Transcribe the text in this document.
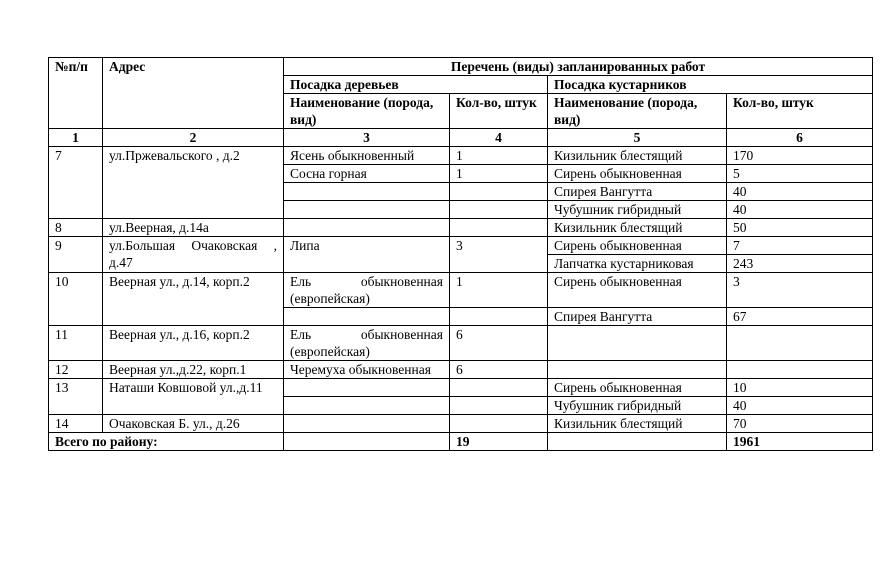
№п/п	Адрес	Перечень (виды) запланированных работ			
		Посадка деревьев		Посадка кустарников	
		Наименование (порода, вид)	Кол-во, штук	Наименование (порода, вид)	Кол-во, штук
1	2	3	4	5	6
7	ул.Пржевальского , д.2	Ясень обыкновенный	1	Кизильник блестящий	170
		Сосна горная	1	Сирень обыкновенная	5
				Спирея Вангутта	40
				Чубушник гибридный	40
8	ул.Веерная, д.14а			Кизильник блестящий	50
9	ул.Большая Очаковская , д.47	Липа	3	Сирень обыкновенная	7
				Лапчатка кустарниковая	243
10	Веерная ул., д.14, корп.2	Ель обыкновенная (европейская)	1	Сирень обыкновенная	3
				Спирея Вангутта	67
11	Веерная ул., д.16, корп.2	Ель обыкновенная (европейская)	6		
12	Веерная ул.,д.22, корп.1	Черемуха обыкновенная	6		
13	Наташи Ковшовой ул.,д.11			Сирень обыкновенная	10
				Чубушник гибридный	40
14	Очаковская Б. ул., д.26			Кизильник блестящий	70
Всего по району:			19		1961
